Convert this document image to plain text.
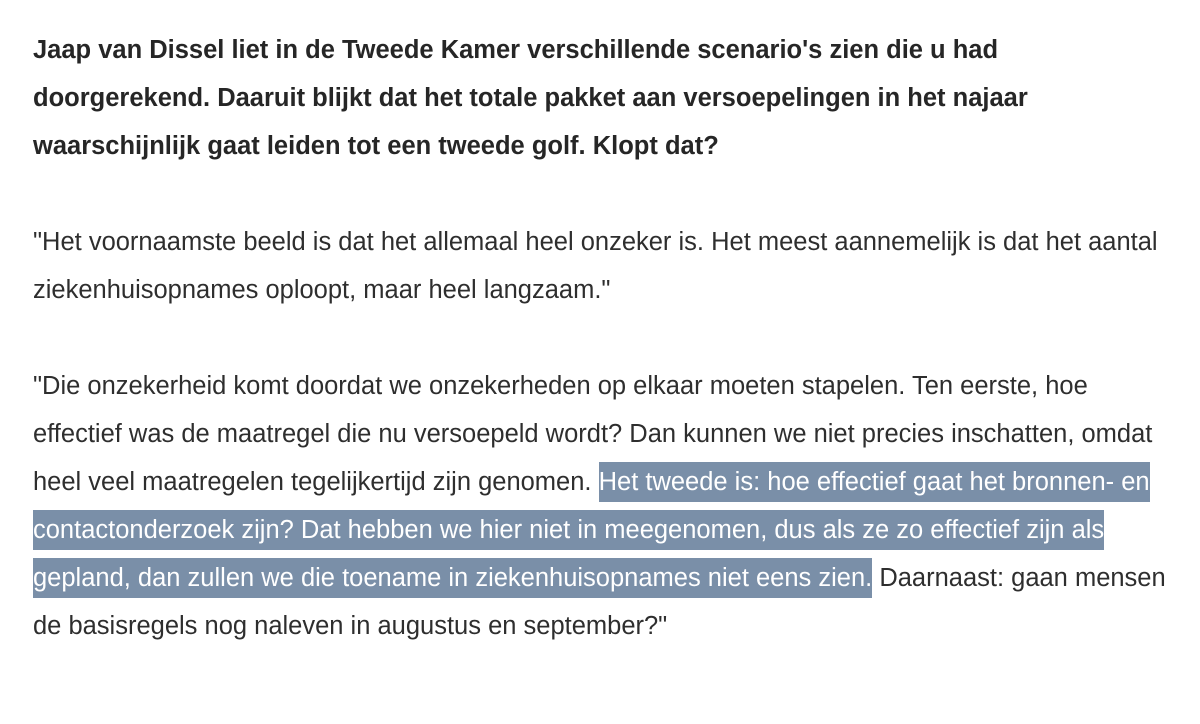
Jaap van Dissel liet in de Tweede Kamer verschillende scenario's zien die u had doorgerekend. Daaruit blijkt dat het totale pakket aan versoepelingen in het najaar waarschijnlijk gaat leiden tot een tweede golf. Klopt dat?

"Het voornaamste beeld is dat het allemaal heel onzeker is. Het meest aannemelijk is dat het aantal ziekenhuisopnames oploopt, maar heel langzaam."

"Die onzekerheid komt doordat we onzekerheden op elkaar moeten stapelen. Ten eerste, hoe effectief was de maatregel die nu versoepeld wordt? Dan kunnen we niet precies inschatten, omdat heel veel maatregelen tegelijkertijd zijn genomen. Het tweede is: hoe effectief gaat het bronnen- en contactonderzoek zijn? Dat hebben we hier niet in meegenomen, dus als ze zo effectief zijn als gepland, dan zullen we die toename in ziekenhuisopnames niet eens zien. Daarnaast: gaan mensen de basisregels nog naleven in augustus en september?"
